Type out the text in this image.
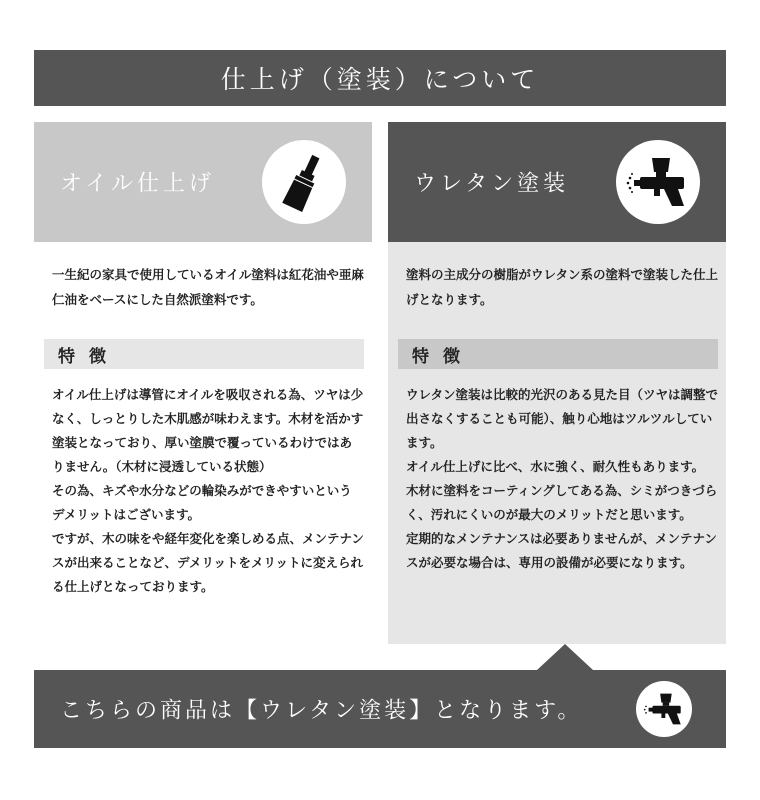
仕上げ（塗装）について
オイル仕上げ	ウレタン塗装
一生紀の家具で使用しているオイル塗料は紅花油や亜麻仁油をベースにした自然派塗料です。
塗料の主成分の樹脂がウレタン系の塗料で塗装した仕上げとなります。
特徴	特徴

オイル仕上げは導管にオイルを吸収される為、ツヤは少なく、しっとりした木肌感が味わえます。木材を活かす塗装となっており、厚い塗膜で覆っているわけではありません。（木材に浸透している状態）

その為、キズや水分などの輪染みができやすいというデメリットはございます。

ですが、木の味をや経年変化を楽しめる点、メンテナンスが出来ることなど、デメリットをメリットに変えられる仕上げとなっております。

ウレタン塗装は比較的光沢のある見た目（ツヤは調整で出さなくすることも可能）、触り心地はツルツルしています。

オイル仕上げに比べ、水に強く、耐久性もあります。

木材に塗料をコーティングしてある為、シミがつきづらく、汚れにくいのが最大のメリットだと思います。

定期的なメンテナンスは必要ありませんが、メンテナンスが必要な場合は、専用の設備が必要になります。

こちらの商品は【ウレタン塗装】となります。
